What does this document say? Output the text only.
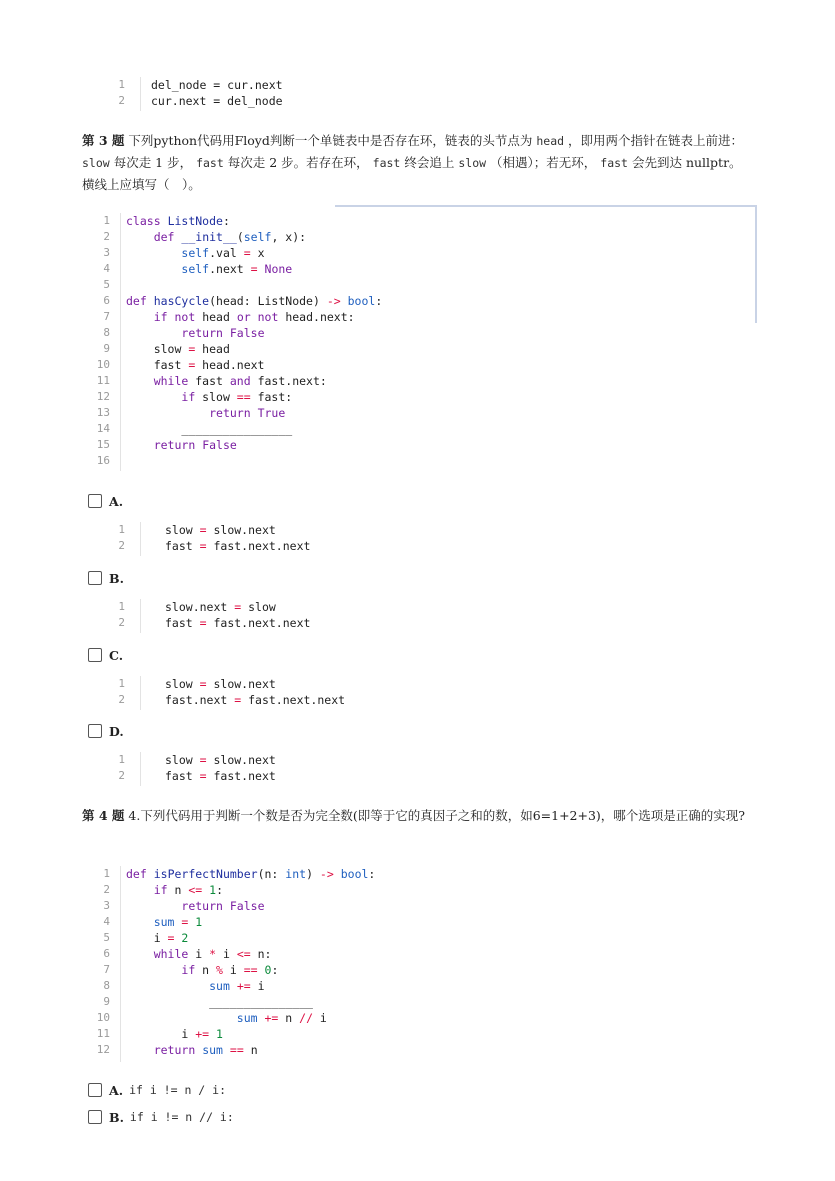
1 del_node = cur.next
2 cur.next = del_node
第 3 题 下列python代码用Floyd判断一个单链表中是否存在环，链表的头节点为 head ，即用两个指针在链表上前进： slow 每次走 1 步， fast 每次走 2 步。若存在环， fast 终会追上 slow （相遇）；若无环， fast 会先到达 nullptr。横线上应填写（　）。
1 class ListNode:
2	def __init__(self, x):
3	self.val = x
4	self.next = None
5
6 def hasCycle(head: ListNode) -> bool:
7	if not head or not head.next:
8	return False
9 slow = head
10 fast = head.next
11	while fast and fast.next:
12	if slow == fast:
13	return True
14 ________________
15	return False
16
A.
1	slow = slow.next
2	fast = fast.next.next
B.
1	slow.next = slow
2	fast = fast.next.next
C.
1	slow = slow.next
2	fast.next = fast.next.next
D.
1	slow = slow.next
2	fast = fast.next
第 4 题 4.下列代码用于判断一个数是否为完全数(即等于它的真因子之和的数，如6=1+2+3)，哪个选项是正确的实现?
1 def isPerfectNumber(n: int) -> bool:
2	if n <= 1:
3	return False
4	sum = 1
5 i = 2
6	while i * i <= n:
7	if n % i == 0:
8	sum += i
9 _______________
10	sum += n // i
11 i += 1
12	return sum == n
A. if i != n / i:
B. if i != n // i:
